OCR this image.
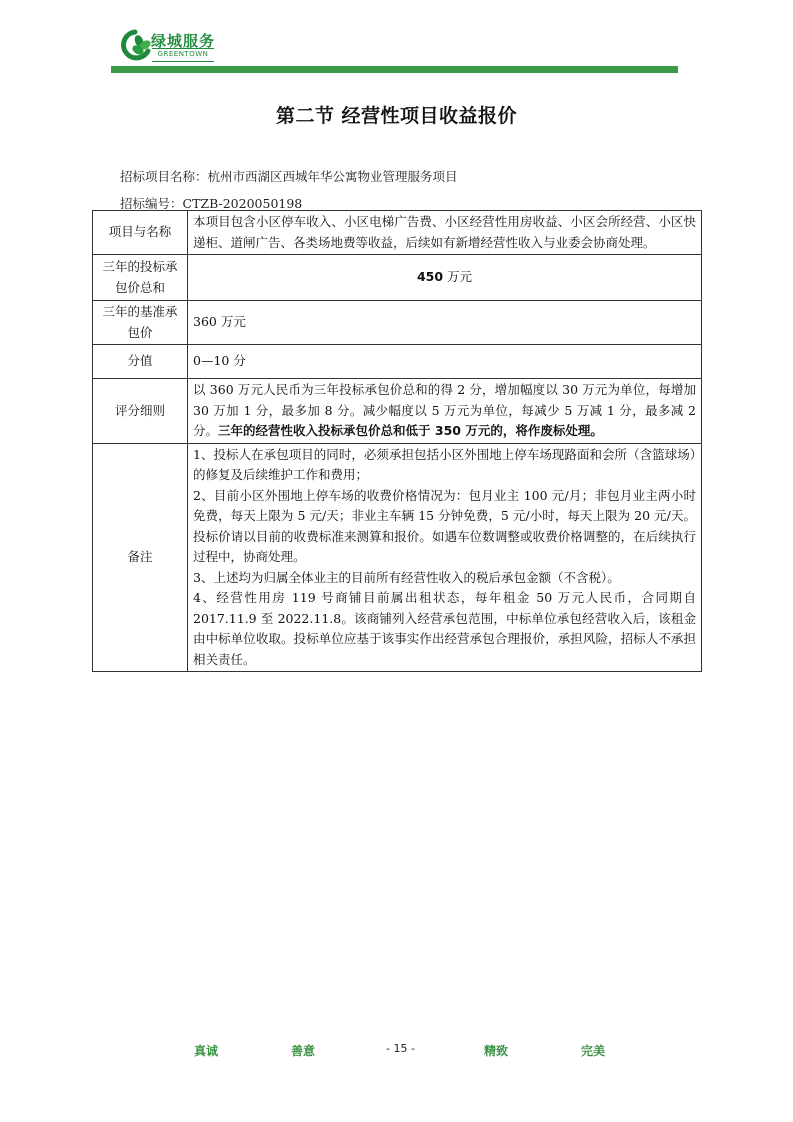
绿城服务
GREENTOWN
第二节 经营性项目收益报价
招标项目名称：杭州市西湖区西城年华公寓物业管理服务项目
招标编号：CTZB-2020050198
项目与名称	本项目包含小区停车收入、小区电梯广告费、小区经营性用房收益、小区会所经营、小区快递柜、道闸广告、各类场地费等收益，后续如有新增经营性收入与业委会协商处理。
三年的投标承包价总和	450 万元
三年的基准承包价	360 万元
分值	0—10 分
评分细则	以 360 万元人民币为三年投标承包价总和的得 2 分，增加幅度以 30 万元为单位，每增加 30 万加 1 分，最多加 8 分。减少幅度以 5 万元为单位，每减少 5 万减 1 分，最多减 2 分。三年的经营性收入投标承包价总和低于 350 万元的，将作废标处理。
备注	1、投标人在承包项目的同时，必须承担包括小区外围地上停车场现路面和会所（含篮球场）的修复及后续维护工作和费用；
2、目前小区外围地上停车场的收费价格情况为：包月业主 100 元/月；非包月业主两小时免费，每天上限为 5 元/天；非业主车辆 15 分钟免费，5 元/小时，每天上限为 20 元/天。投标价请以目前的收费标准来测算和报价。如遇车位数调整或收费价格调整的，在后续执行过程中，协商处理。
3、上述均为归属全体业主的目前所有经营性收入的税后承包金额（不含税）。
4、经营性用房 119 号商铺目前属出租状态，每年租金 50 万元人民币，合同期自 2017.11.9 至 2022.11.8。该商铺列入经营承包范围，中标单位承包经营收入后，该租金由中标单位收取。投标单位应基于该事实作出经营承包合理报价，承担风险，招标人不承担相关责任。
真诚	善意	- 15 -	精致	完美
